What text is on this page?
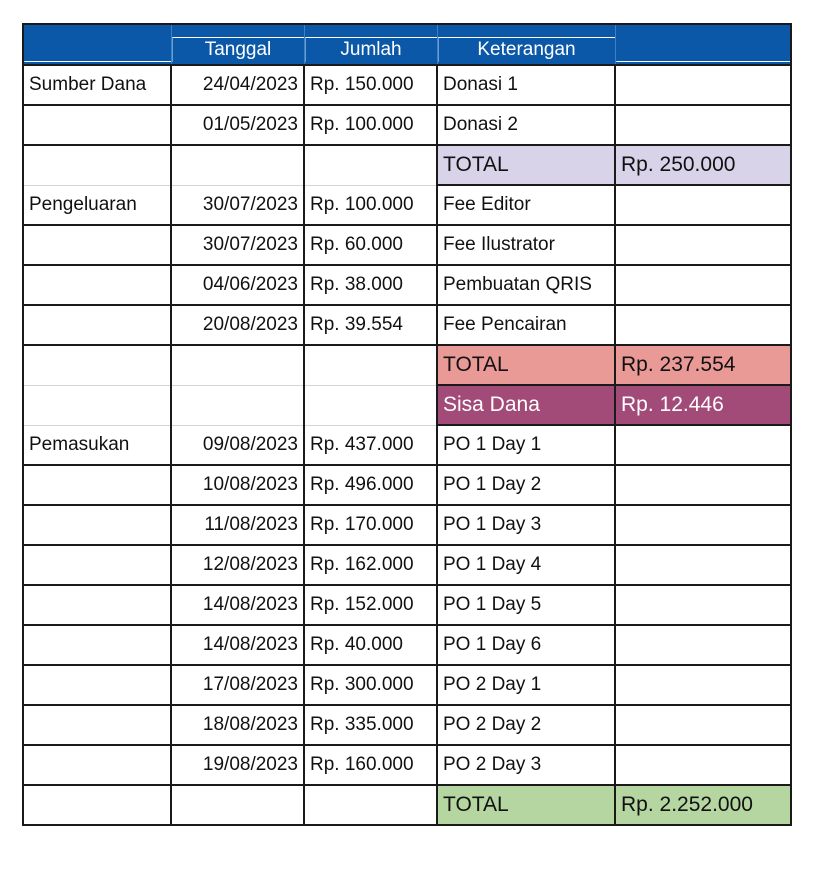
	Tanggal	Jumlah	Keterangan	

Sumber Dana	24/04/2023	Rp. 150.000	Donasi 1	
	01/05/2023	Rp. 100.000	Donasi 2	
			TOTAL	Rp. 250.000
Pengeluaran	30/07/2023	Rp. 100.000	Fee Editor	
	30/07/2023	Rp. 60.000	Fee Ilustrator	
	04/06/2023	Rp. 38.000	Pembuatan QRIS	
	20/08/2023	Rp. 39.554	Fee Pencairan	
			TOTAL	Rp. 237.554
			Sisa Dana	Rp. 12.446
Pemasukan	09/08/2023	Rp. 437.000	PO 1 Day 1	
	10/08/2023	Rp. 496.000	PO 1 Day 2	
	11/08/2023	Rp. 170.000	PO 1 Day 3	
	12/08/2023	Rp. 162.000	PO 1 Day 4	
	14/08/2023	Rp. 152.000	PO 1 Day 5	
	14/08/2023	Rp. 40.000	PO 1 Day 6	
	17/08/2023	Rp. 300.000	PO 2 Day 1	
	18/08/2023	Rp. 335.000	PO 2 Day 2	
	19/08/2023	Rp. 160.000	PO 2 Day 3	
			TOTAL	Rp. 2.252.000
